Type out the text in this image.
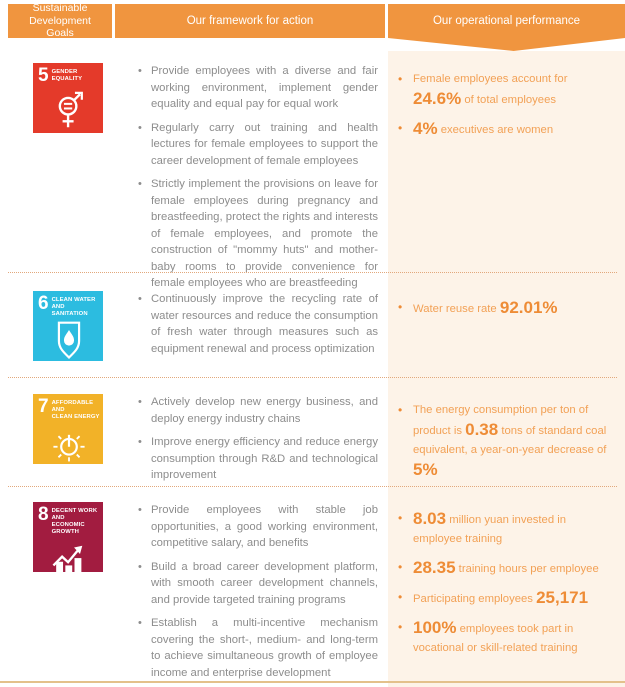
Sustainable Development Goals
Our framework for action	Our operational performance
5 GENDER
EQUALITY
• Provide employees with a diverse and fair working environment, implement gender equality and equal pay for equal work
• Regularly carry out training and health lectures for female employees to support the career development of female employees
• Strictly implement the provisions on leave for female employees during pregnancy and breastfeeding, protect the rights and interests of female employees, and promote the construction of "mommy huts" and mother-baby rooms to provide convenience for female employees who are breastfeeding
• Female employees account for 24.6% of total employees
• 4% executives are women
6 CLEAN WATER
AND SANITATION
• Continuously improve the recycling rate of water resources and reduce the consumption of fresh water through measures such as equipment renewal and process optimization
• Water reuse rate 92.01%
7 AFFORDABLE AND
CLEAN ENERGY
• Actively develop new energy business, and deploy energy industry chains
• Improve energy efficiency and reduce energy consumption through R&D and technological improvement
• The energy consumption per ton of product is 0.38 tons of standard coal equivalent, a year-on-year decrease of 5%
8 DECENT WORK AND
ECONOMIC GROWTH
• Provide employees with stable job opportunities, a good working environment, competitive salary, and benefits
• Build a broad career development platform, with smooth career development channels, and provide targeted training programs
• Establish a multi-incentive mechanism covering the short-, medium- and long-term to achieve simultaneous growth of employee income and enterprise development
• 8.03 million yuan invested in employee training
• 28.35 training hours per employee
• Participating employees 25,171
• 100% employees took part in vocational or skill-related training
